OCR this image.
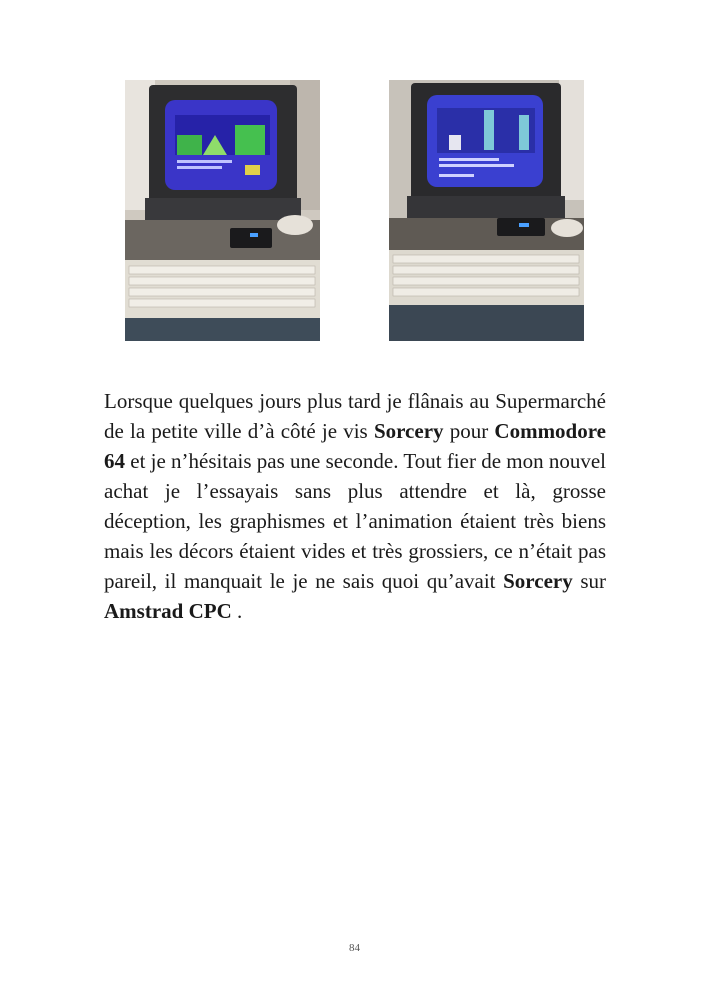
Lorsque quelques jours plus tard je flânais au Supermarché de la petite ville d’à côté je vis Sorcery pour Commodore 64 et je n’hésitais pas une seconde. Tout fier de mon nouvel achat je l’essayais sans plus attendre et là, grosse déception, les graphismes et l’animation étaient très biens mais les décors étaient vides et très grossiers, ce n’était pas pareil, il manquait le je ne sais quoi qu’avait Sorcery sur Amstrad CPC .

84
